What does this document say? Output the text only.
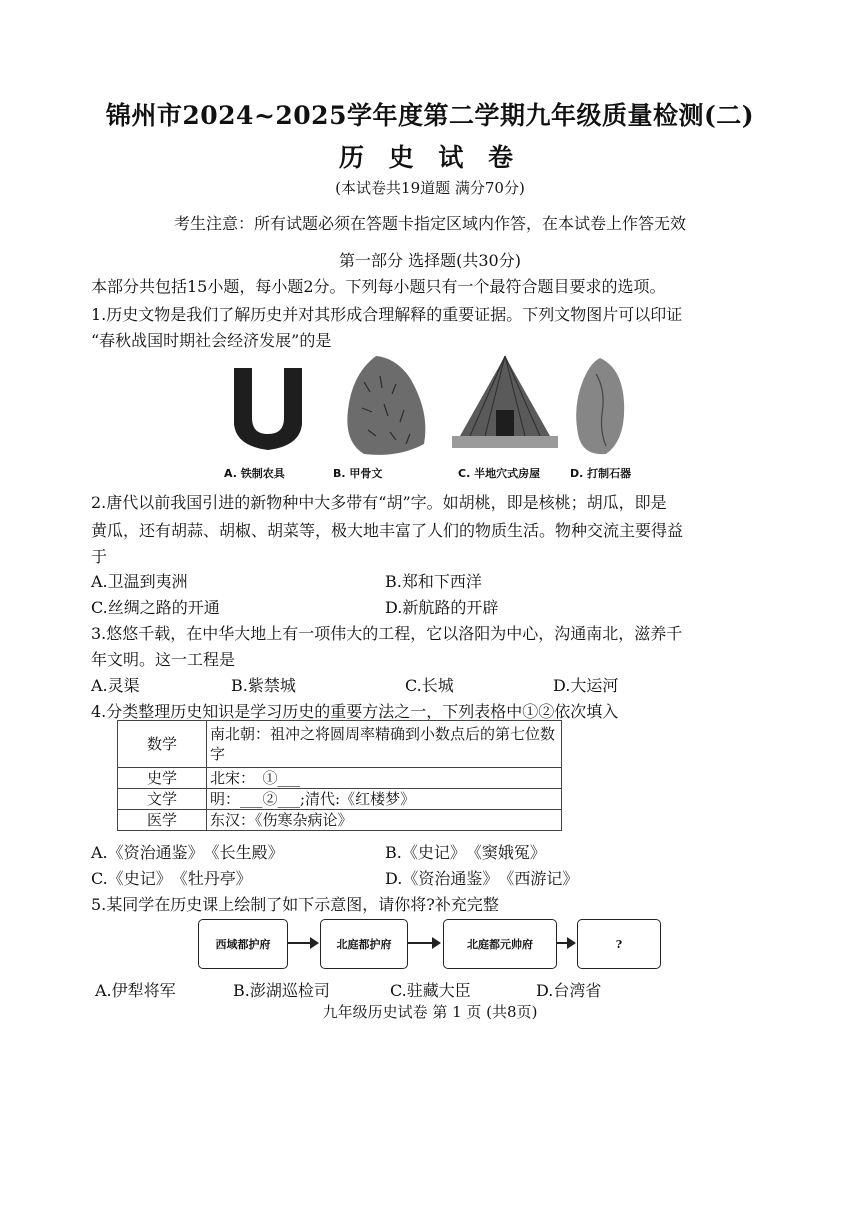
锦州市2024~2025学年度第二学期九年级质量检测(二)
历 史 试 卷
(本试卷共19道题 满分70分)
考生注意：所有试题必须在答题卡指定区域内作答，在本试卷上作答无效
第一部分 选择题(共30分)
本部分共包括15小题，每小题2分。下列每小题只有一个最符合题目要求的选项。
1.历史文物是我们了解历史并对其形成合理解释的重要证据。下列文物图片可以印证
“春秋战国时期社会经济发展”的是
A. 铁制农具	B. 甲骨文	C. 半地穴式房屋	D. 打制石器
2.唐代以前我国引进的新物种中大多带有“胡”字。如胡桃，即是核桃；胡瓜，即是
黄瓜，还有胡蒜、胡椒、胡菜等，极大地丰富了人们的物质生活。物种交流主要得益
于
A.卫温到夷洲	B.郑和下西洋
C.丝绸之路的开通	D.新航路的开辟
3.悠悠千载，在中华大地上有一项伟大的工程，它以洛阳为中心，沟通南北，滋养千
年文明。这一工程是
A.灵渠	B.紫禁城	C.长城	D.大运河
4.分类整理历史知识是学习历史的重要方法之一，下列表格中①②依次填入
数学	南北朝：祖冲之将圆周率精确到小数点后的第七位数字
史学	北宋：　①___
文学	明：___②___;清代:《红楼梦》
医学	东汉：《伤寒杂病论》
A.《资治通鉴》　《长生殿》	B.《史记》　《窦娥冤》
C.《史记》　《牡丹亭》	D.《资治通鉴》　《西游记》
5.某同学在历史课上绘制了如下示意图，请你将?补充完整
西域都护府	北庭都护府	北庭都元帅府	?
A.伊犁将军	B.澎湖巡检司	C.驻藏大臣	D.台湾省
九年级历史试卷 第 1 页 (共8页)
